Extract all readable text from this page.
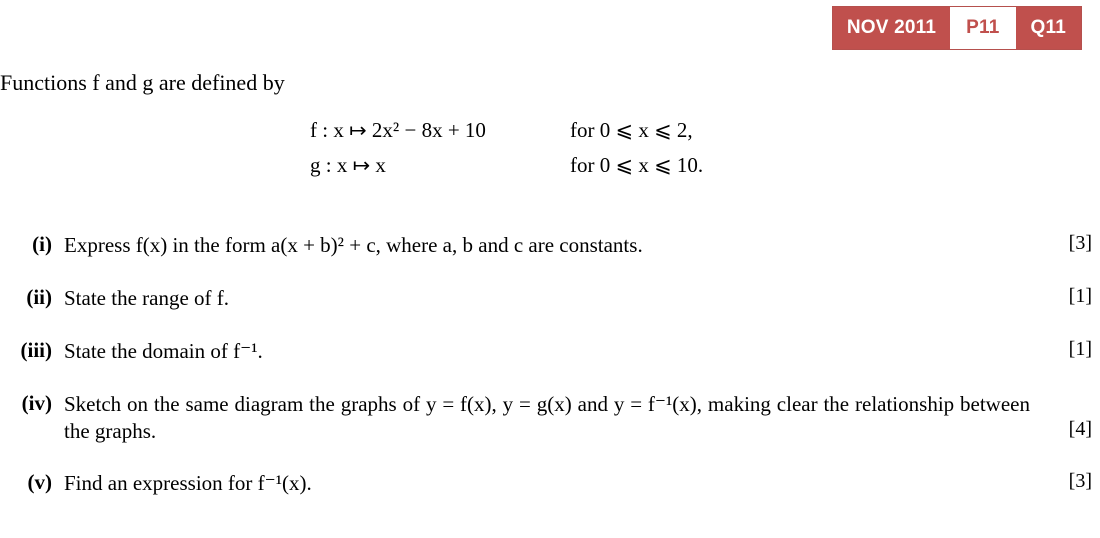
NOV 2011	P11	Q11
Functions f and g are defined by
f : x ↦ 2x² − 8x + 10	for 0 ⩽ x ⩽ 2,
g : x ↦ x	for 0 ⩽ x ⩽ 10.
(i) Express f(x) in the form a(x + b)² + c, where a, b and c are constants.	[3]
(ii) State the range of f.	[1]
(iii) State the domain of f⁻¹.	[1]
(iv) Sketch on the same diagram the graphs of y = f(x), y = g(x) and y = f⁻¹(x), making clear the relationship between the graphs.	[4]
(v) Find an expression for f⁻¹(x).	[3]
